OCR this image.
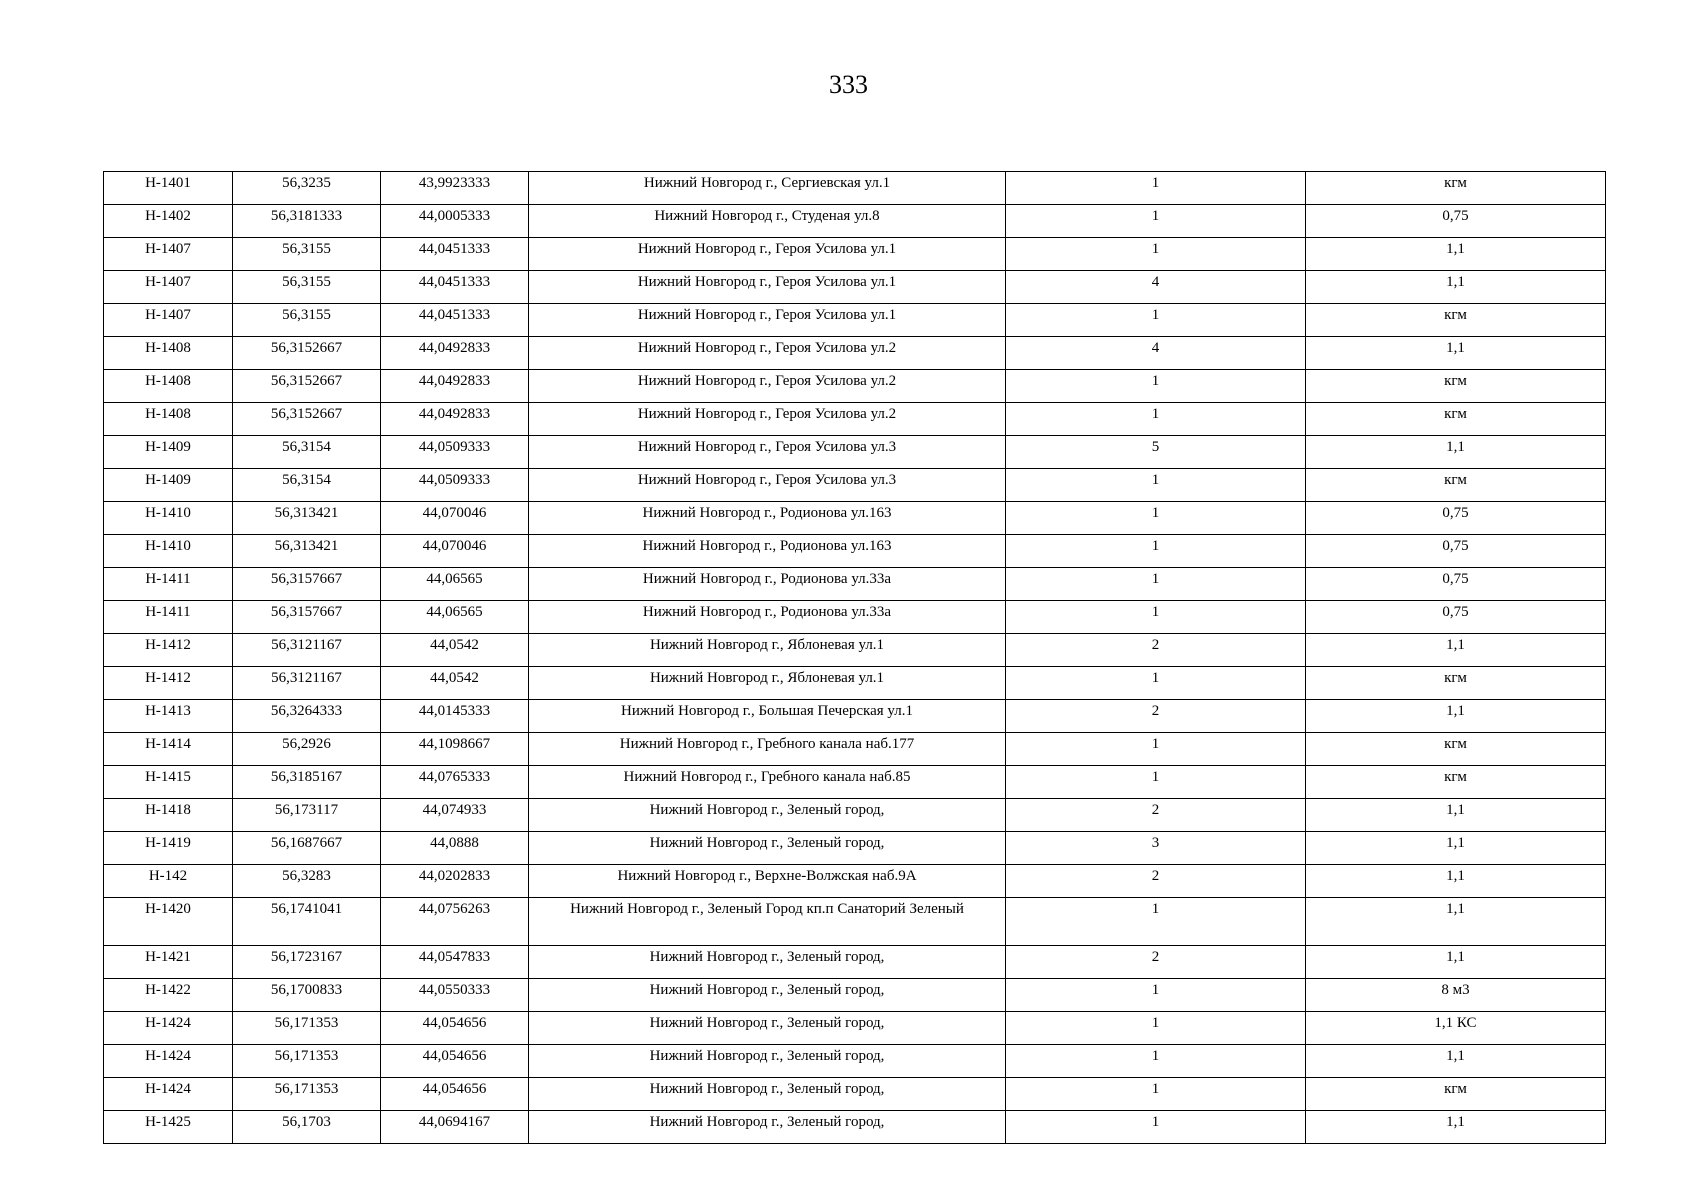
333
Н-1401	56,3235	43,9923333	Нижний Новгород г., Сергиевская ул.1	1	кгм
Н-1402	56,3181333	44,0005333	Нижний Новгород г., Студеная ул.8	1	0,75
Н-1407	56,3155	44,0451333	Нижний Новгород г., Героя Усилова ул.1	1	1,1
Н-1407	56,3155	44,0451333	Нижний Новгород г., Героя Усилова ул.1	4	1,1
Н-1407	56,3155	44,0451333	Нижний Новгород г., Героя Усилова ул.1	1	кгм
Н-1408	56,3152667	44,0492833	Нижний Новгород г., Героя Усилова ул.2	4	1,1
Н-1408	56,3152667	44,0492833	Нижний Новгород г., Героя Усилова ул.2	1	кгм
Н-1408	56,3152667	44,0492833	Нижний Новгород г., Героя Усилова ул.2	1	кгм
Н-1409	56,3154	44,0509333	Нижний Новгород г., Героя Усилова ул.3	5	1,1
Н-1409	56,3154	44,0509333	Нижний Новгород г., Героя Усилова ул.3	1	кгм
Н-1410	56,313421	44,070046	Нижний Новгород г., Родионова ул.163	1	0,75
Н-1410	56,313421	44,070046	Нижний Новгород г., Родионова ул.163	1	0,75
Н-1411	56,3157667	44,06565	Нижний Новгород г., Родионова ул.33а	1	0,75
Н-1411	56,3157667	44,06565	Нижний Новгород г., Родионова ул.33а	1	0,75
Н-1412	56,3121167	44,0542	Нижний Новгород г., Яблоневая ул.1	2	1,1
Н-1412	56,3121167	44,0542	Нижний Новгород г., Яблоневая ул.1	1	кгм
Н-1413	56,3264333	44,0145333	Нижний Новгород г., Большая Печерская ул.1	2	1,1
Н-1414	56,2926	44,1098667	Нижний Новгород г., Гребного канала наб.177	1	кгм
Н-1415	56,3185167	44,0765333	Нижний Новгород г., Гребного канала наб.85	1	кгм
Н-1418	56,173117	44,074933	Нижний Новгород г., Зеленый город,	2	1,1
Н-1419	56,1687667	44,0888	Нижний Новгород г., Зеленый город,	3	1,1
Н-142	56,3283	44,0202833	Нижний Новгород г., Верхне-Волжская наб.9А	2	1,1
Н-1420	56,1741041	44,0756263	Нижний Новгород г., Зеленый Город кп.п Санаторий Зеленый	1	1,1
Н-1421	56,1723167	44,0547833	Нижний Новгород г., Зеленый город,	2	1,1
Н-1422	56,1700833	44,0550333	Нижний Новгород г., Зеленый город,	1	8 м3
Н-1424	56,171353	44,054656	Нижний Новгород г., Зеленый город,	1	1,1 КС
Н-1424	56,171353	44,054656	Нижний Новгород г., Зеленый город,	1	1,1
Н-1424	56,171353	44,054656	Нижний Новгород г., Зеленый город,	1	кгм
Н-1425	56,1703	44,0694167	Нижний Новгород г., Зеленый город,	1	1,1
